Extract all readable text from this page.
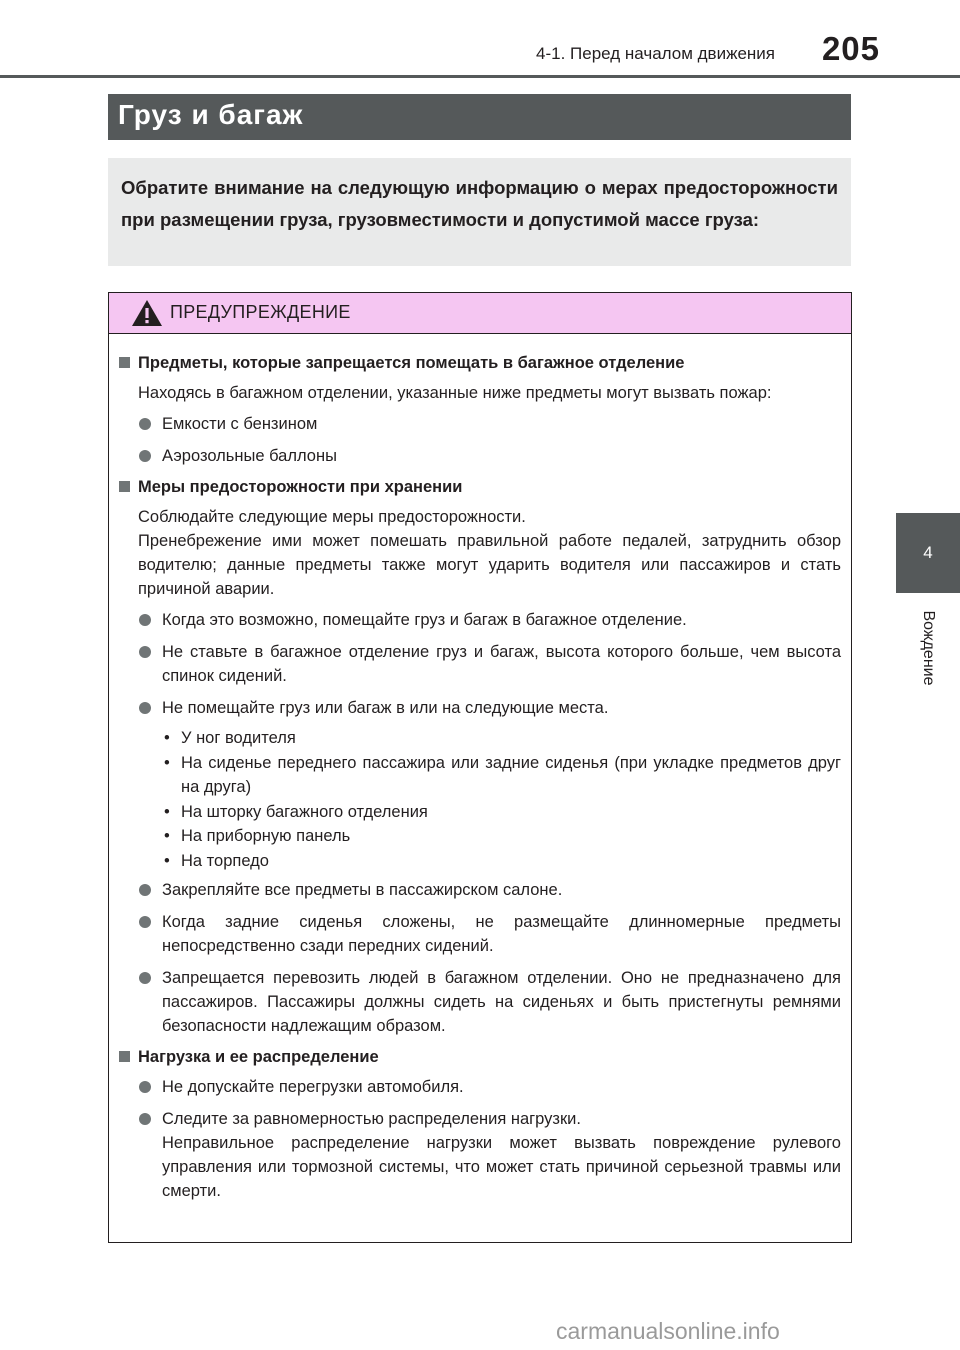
4-1. Перед началом движения	205
4
Вождение
Груз и багаж

Обратите внимание на следующую информацию о мерах предосторожности при размещении груза, грузовместимости и допустимой массе груза:

ПРЕДУПРЕЖДЕНИЕ
Предметы, которые запрещается помещать в багажное отделение

Находясь в багажном отделении, указанные ниже предметы могут вызвать пожар:

Емкости с бензином
Аэрозольные баллоны
Меры предосторожности при хранении

Соблюдайте следующие меры предосторожности.

Пренебрежение ими может помешать правильной работе педалей, затруднить обзор водителю; данные предметы также могут ударить водителя или пассажиров и стать причиной аварии.

Когда это возможно, помещайте груз и багаж в багажное отделение.
Не ставьте в багажное отделение груз и багаж, высота которого больше, чем высота спинок сидений.
Не помещайте груз или багаж в или на следующие места.

• У ног водителя

• На сиденье переднего пассажира или задние сиденья (при укладке предметов друг на друга)

• На шторку багажного отделения

• На приборную панель

• На торпедо

Закрепляйте все предметы в пассажирском салоне.
Когда задние сиденья сложены, не размещайте длинномерные предметы непосредственно сзади передних сидений.
Запрещается перевозить людей в багажном отделении. Оно не предназначено для пассажиров. Пассажиры должны сидеть на сиденьях и быть пристегнуты ремнями безопасности надлежащим образом.
Нагрузка и ее распределение
Не допускайте перегрузки автомобиля.
Следите за равномерностью распределения нагрузки.
Неправильное распределение нагрузки может вызвать повреждение рулевого управления или тормозной системы, что может стать причиной серьезной травмы или смерти.
carmanualsonline.info
